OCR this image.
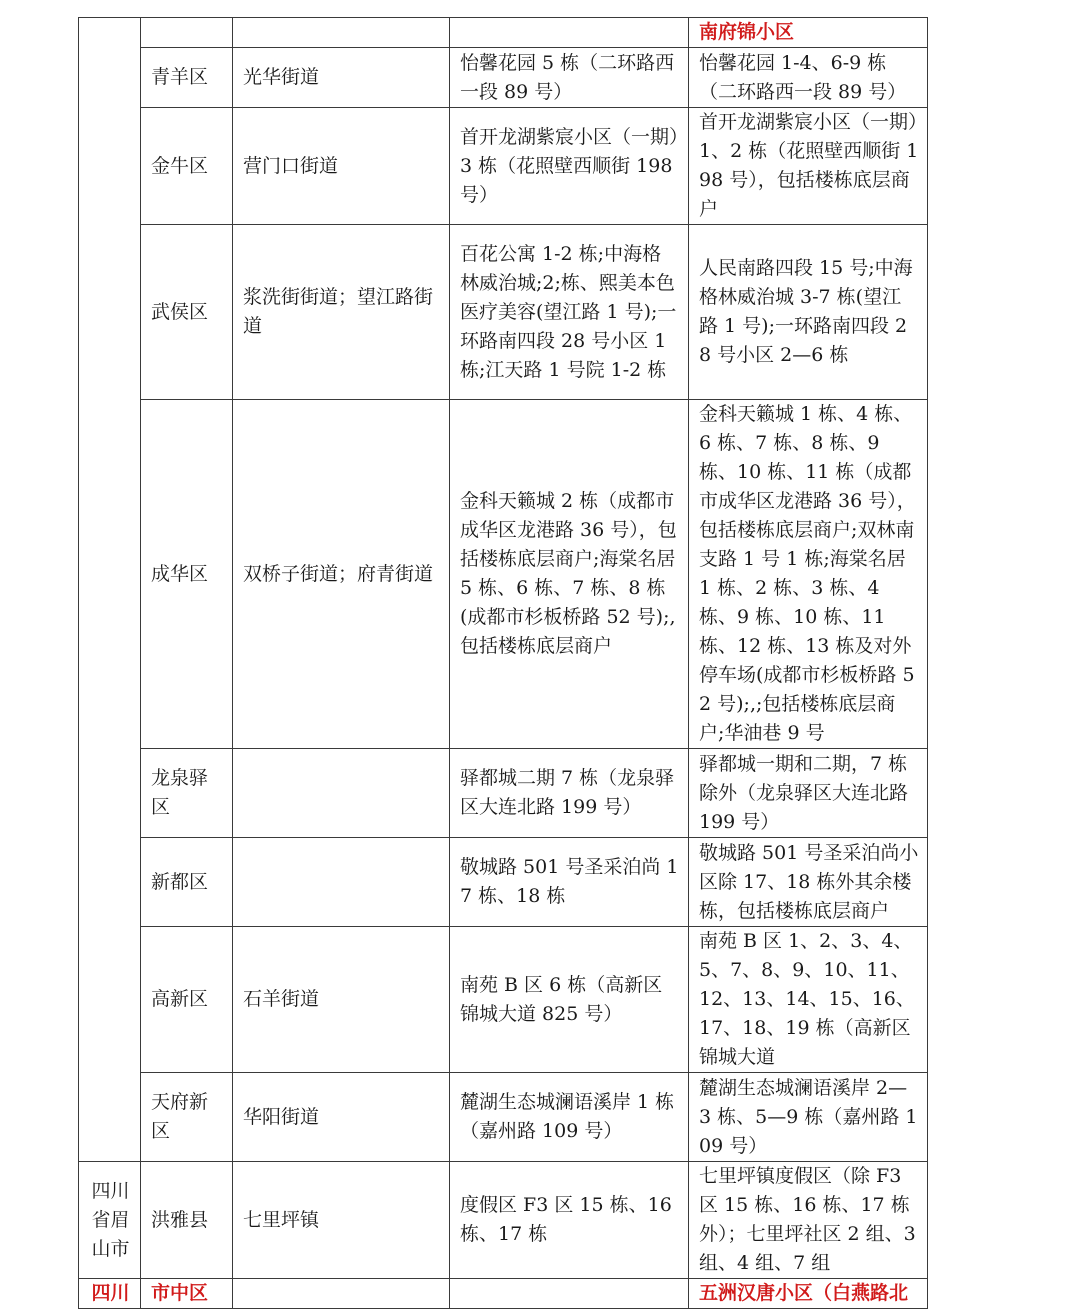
				南府锦小区
	青羊区	光华街道	怡馨花园 5 栋（二环路西一段 89 号）	怡馨花园 1-4、6-9 栋（二环路西一段 89 号）
	金牛区	营门口街道	首开龙湖紫宸小区（一期）3 栋（花照壁西顺街 198 号）	首开龙湖紫宸小区（一期）1、2 栋（花照壁西顺街 198 号），包括楼栋底层商户
	武侯区	浆洗街街道；望江路街道	百花公寓 1-2 栋;中海格林威治城;2;栋、熙美本色医疗美容(望江路 1 号);一环路南四段 28 号小区 1 栋;江天路 1 号院 1-2 栋	人民南路四段 15 号;中海格林威治城 3-7 栋(望江路 1 号);一环路南四段 28 号小区 2—6 栋
	成华区	双桥子街道；府青街道	金科天籁城 2 栋（成都市成华区龙港路 36 号），包括楼栋底层商户;海棠名居 5 栋、6 栋、7 栋、8 栋(成都市杉板桥路 52 号);,包括楼栋底层商户	金科天籁城 1 栋、4 栋、6 栋、7 栋、8 栋、9 栋、10 栋、11 栋（成都市成华区龙港路 36 号），包括楼栋底层商户;双林南支路 1 号 1 栋;海棠名居 1 栋、2 栋、3 栋、4 栋、9 栋、10 栋、11 栋、12 栋、13 栋及对外停车场(成都市杉板桥路 52 号);,;包括楼栋底层商户;华油巷 9 号
	龙泉驿区		驿都城二期 7 栋（龙泉驿区大连北路 199 号）	驿都城一期和二期，7 栋除外（龙泉驿区大连北路 199 号）
	新都区		敬城路 501 号圣采泊尚 17 栋、18 栋	敬城路 501 号圣采泊尚小区除 17、18 栋外其余楼栋，包括楼栋底层商户
	高新区	石羊街道	南苑 B 区 6 栋（高新区锦城大道 825 号）	南苑 B 区 1、2、3、4、5、7、8、9、10、11、12、13、14、15、16、17、18、19 栋（高新区锦城大道
	天府新区	华阳街道	麓湖生态城澜语溪岸 1 栋（嘉州路 109 号）	麓湖生态城澜语溪岸 2—3 栋、5—9 栋（嘉州路 109 号）
四川省眉山市	洪雅县	七里坪镇	度假区 F3 区 15 栋、16 栋、17 栋	七里坪镇度假区（除 F3 区 15 栋、16 栋、17 栋外）；七里坪社区 2 组、3 组、4 组、7 组
四川	市中区			五洲汉唐小区（白燕路北
